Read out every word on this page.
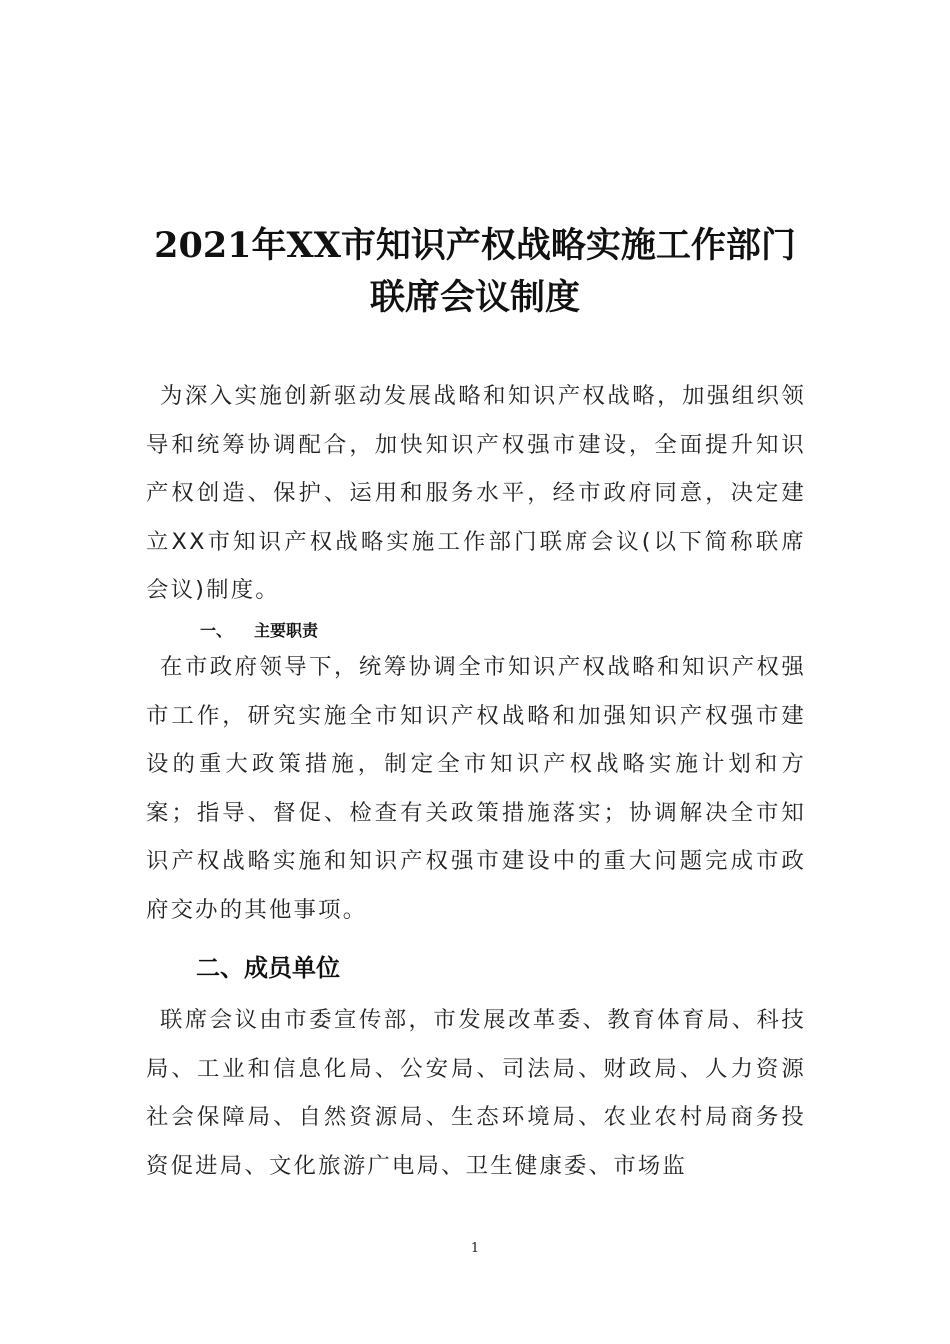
2021年XX市知识产权战略实施工作部门
联席会议制度

为深入实施创新驱动发展战略和知识产权战略，加强组织领导和统筹协调配合，加快知识产权强市建设，全面提升知识产权创造、保护、运用和服务水平，经市政府同意，决定建立XX市知识产权战略实施工作部门联席会议(以下简称联席会议)制度。

一、 主要职责

在市政府领导下，统筹协调全市知识产权战略和知识产权强市工作，研究实施全市知识产权战略和加强知识产权强市建设的重大政策措施，制定全市知识产权战略实施计划和方案；指导、督促、检查有关政策措施落实；协调解决全市知识产权战略实施和知识产权强市建设中的重大问题完成市政府交办的其他事项。

二、成员单位

联席会议由市委宣传部，市发展改革委、教育体育局、科技局、工业和信息化局、公安局、司法局、财政局、人力资源社会保障局、自然资源局、生态环境局、农业农村局商务投资促进局、文化旅游广电局、卫生健康委、市场监

1
